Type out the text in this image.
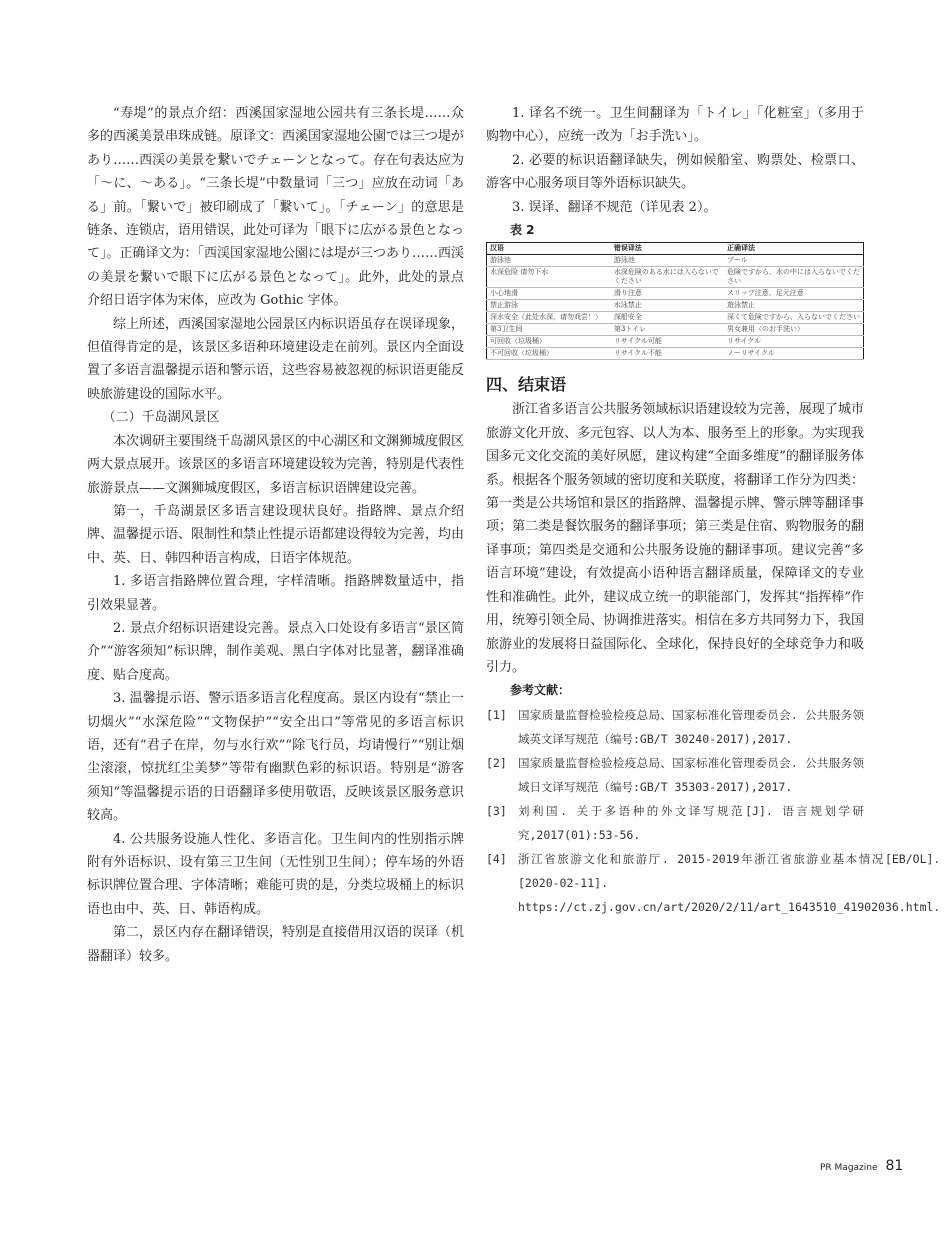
“寿堤”的景点介绍：西溪国家湿地公园共有三条长堤……众多的西溪美景串珠成链。原译文：西溪国家湿地公園では三つ堤があり……西渓の美景を繋いでチェーンとなって。存在句表达应为「～に、～ある」。“三条长堤”中数量词「三つ」应放在动词「ある」前。「繋いで」被印刷成了「繋いて」。「チェーン」的意思是链条、连锁店，语用错误，此处可译为「眼下に広がる景色となって」。正确译文为：「西渓国家湿地公園には堤が三つあり……西渓の美景を繋いで眼下に広がる景色となって」。此外，此处的景点介绍日语字体为宋体，应改为 Gothic 字体。

综上所述，西溪国家湿地公园景区内标识语虽存在误译现象，但值得肯定的是，该景区多语种环境建设走在前列。景区内全面设置了多语言温馨提示语和警示语，这些容易被忽视的标识语更能反映旅游建设的国际水平。

（二）千岛湖风景区

本次调研主要围绕千岛湖风景区的中心湖区和文渊狮城度假区两大景点展开。该景区的多语言环境建设较为完善，特别是代表性旅游景点——文渊狮城度假区，多语言标识语牌建设完善。

第一，千岛湖景区多语言建设现状良好。指路牌、景点介绍牌、温馨提示语、限制性和禁止性提示语都建设得较为完善，均由中、英、日、韩四种语言构成，日语字体规范。

1. 多语言指路牌位置合理，字样清晰。指路牌数量适中，指引效果显著。

2. 景点介绍标识语建设完善。景点入口处设有多语言“景区简介”“游客须知”标识牌，制作美观、黑白字体对比显著，翻译准确度、贴合度高。

3. 温馨提示语、警示语多语言化程度高。景区内设有“禁止一切烟火”“水深危险”“文物保护”“安全出口”等常见的多语言标识语，还有“君子在岸，勿与水行欢”“除飞行员，均请慢行”“别让烟尘滚滚，惊扰红尘美梦”等带有幽默色彩的标识语。特别是“游客须知”等温馨提示语的日语翻译多使用敬语，反映该景区服务意识较高。

4. 公共服务设施人性化、多语言化。卫生间内的性别指示牌附有外语标识、设有第三卫生间（无性别卫生间）；停车场的外语标识牌位置合理、字体清晰；难能可贵的是，分类垃圾桶上的标识语也由中、英、日、韩语构成。

第二，景区内存在翻译错误，特别是直接借用汉语的误译（机器翻译）较多。

1. 译名不统一。卫生间翻译为「トイレ」「化粧室」（多用于购物中心），应统一改为「お手洗い」。

2. 必要的标识语翻译缺失，例如候船室、购票处、检票口、游客中心服务项目等外语标识缺失。

3. 误译、翻译不规范（详见表 2）。

表 2

汉语	错误译法	正确译法
游泳池	游泳池	プール
水深危险 请勿下水	水深危険のある水には入らないでください	危険ですから、水の中には入らないでください
小心地滑	滑り注意	スリップ注意、足元注意
禁止游泳	水泳禁止	遊泳禁止
深水安全（此处水深，请勿戏尝！）	深船安全	深くて危険ですから、入らないでください
第3卫生间	第3トイレ	男女兼用（のお手洗い）
可回收（垃圾桶）	リサイクル可能	リサイクル
不可回收（垃圾桶）	リサイクル不能	ノーリサイクル
四、结束语

浙江省多语言公共服务领域标识语建设较为完善，展现了城市旅游文化开放、多元包容、以人为本、服务至上的形象。为实现我国多元文化交流的美好夙愿，建议构建“全面多维度”的翻译服务体系。根据各个服务领域的密切度和关联度，将翻译工作分为四类：第一类是公共场馆和景区的指路牌、温馨提示牌、警示牌等翻译事项；第二类是餐饮服务的翻译事项；第三类是住宿、购物服务的翻译事项；第四类是交通和公共服务设施的翻译事项。建议完善“多语言环境”建设，有效提高小语种语言翻译质量，保障译文的专业性和准确性。此外，建议成立统一的职能部门，发挥其“指挥棒”作用，统筹引领全局、协调推进落实。相信在多方共同努力下，我国旅游业的发展将日益国际化、全球化，保持良好的全球竞争力和吸引力。

参考文献：

[1] 国家质量监督检验检疫总局、国家标准化管理委员会. 公共服务领域英文译写规范（编号:GB/T 30240-2017),2017.
[2] 国家质量监督检验检疫总局、国家标准化管理委员会. 公共服务领域日文译写规范（编号:GB/T 35303-2017),2017.
[3] 刘利国. 关于多语种的外文译写规范[J]. 语言规划学研究,2017(01):53-56.
[4] 浙江省旅游文化和旅游厅. 2015-2019年浙江省旅游业基本情况[EB/OL]. [2020-02-11]. https://ct.zj.gov.cn/art/2020/2/11/art_1643510_41902036.html.
PR Magazine 81
